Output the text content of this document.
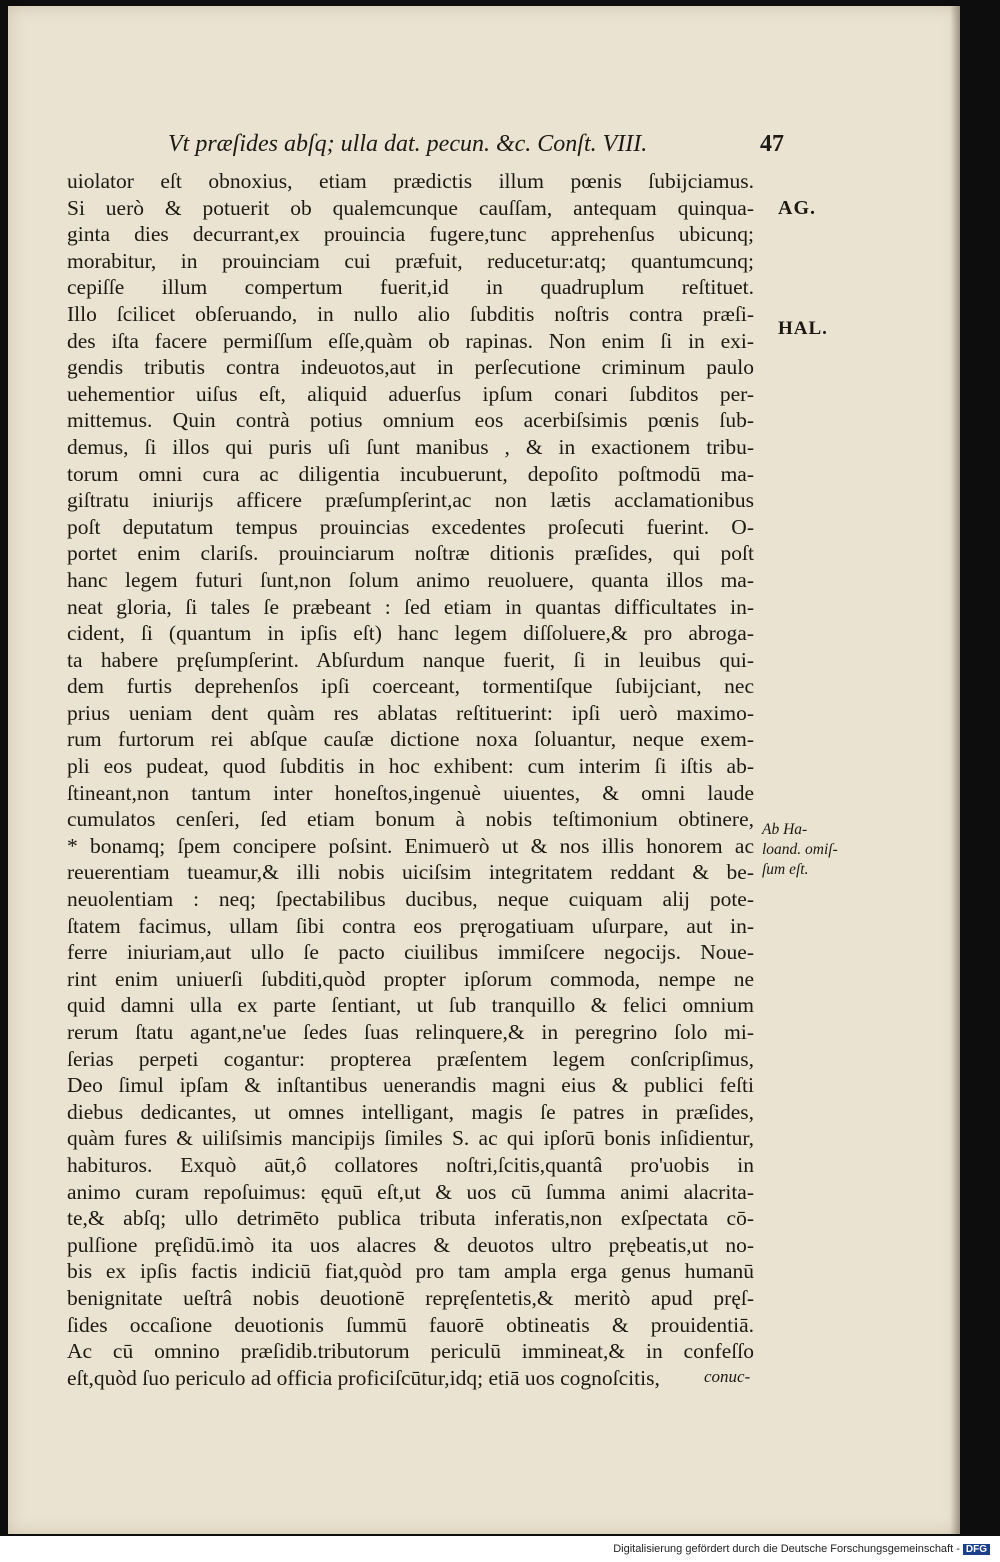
Vt præſides abſq; ulla dat. pecun. &c. Conſt. VIII.	47
uiolator eſt obnoxius, etiam prædictis illum pœnis ſubijciamus.
Si uerò & potuerit ob qualemcunque cauſſam, antequam quinqua-
ginta dies decurrant,ex prouincia fugere,tunc apprehenſus ubicunq;
morabitur, in prouinciam cui præfuit, reducetur:atq; quantumcunq;
cepiſſe illum compertum fuerit,id in quadruplum reſtituet.
Illo ſcilicet obſeruando, in nullo alio ſubditis noſtris contra præſi-
des iſta facere permiſſum eſſe,quàm ob rapinas. Non enim ſi in exi-
gendis tributis contra indeuotos,aut in perſecutione criminum paulo
uehementior uiſus eſt, aliquid aduerſus ipſum conari ſubditos per-
mittemus. Quin contrà potius omnium eos acerbiſsimis pœnis ſub-
demus, ſi illos qui puris uſi ſunt manibus , & in exactionem tribu-
torum omni cura ac diligentia incubuerunt, depoſito poſtmodū ma-
giſtratu iniurijs afficere præſumpſerint,ac non lætis acclamationibus
poſt deputatum tempus prouincias excedentes proſecuti fuerint. O-
portet enim clariſs. prouinciarum noſtræ ditionis præſides, qui poſt
hanc legem futuri ſunt,non ſolum animo reuoluere, quanta illos ma-
neat gloria, ſi tales ſe præbeant : ſed etiam in quantas difficultates in-
cident, ſi (quantum in ipſis eſt) hanc legem diſſoluere,& pro abroga-
ta habere pręſumpſerint. Abſurdum nanque fuerit, ſi in leuibus qui-
dem furtis deprehenſos ipſi coerceant, tormentiſque ſubijciant, nec
prius ueniam dent quàm res ablatas reſtituerint: ipſi uerò maximo-
rum furtorum rei abſque cauſæ dictione noxa ſoluantur, neque exem-
pli eos pudeat, quod ſubditis in hoc exhibent: cum interim ſi iſtis ab-
ſtineant,non tantum inter honeſtos,ingenuè uiuentes, & omni laude
cumulatos cenſeri, ſed etiam bonum à nobis teſtimonium obtinere,
* bonamq; ſpem concipere poſsint. Enimuerò ut & nos illis honorem ac
reuerentiam tueamur,& illi nobis uiciſsim integritatem reddant & be-
neuolentiam : neq; ſpectabilibus ducibus, neque cuiquam alij pote-
ſtatem facimus, ullam ſibi contra eos pręrogatiuam uſurpare, aut in-
ferre iniuriam,aut ullo ſe pacto ciuilibus immiſcere negocijs. Noue-
rint enim uniuerſi ſubditi,quòd propter ipſorum commoda, nempe ne
quid damni ulla ex parte ſentiant, ut ſub tranquillo & felici omnium
rerum ſtatu agant,ne'ue ſedes ſuas relinquere,& in peregrino ſolo mi-
ſerias perpeti cogantur: propterea præſentem legem conſcripſimus,
Deo ſimul ipſam & inſtantibus uenerandis magni eius & publici feſti
diebus dedicantes, ut omnes intelligant, magis ſe patres in præſides,
quàm fures & uiliſsimis mancipijs ſimiles S. ac qui ipſorū bonis inſidientur,
habituros. Exquò aūt,ô collatores noſtri,ſcitis,quantâ pro'uobis in
animo curam repoſuimus: ęquū eſt,ut & uos cū ſumma animi alacrita-
te,& abſq; ullo detrimēto publica tributa inferatis,non exſpectata cō-
pulſione pręſidū.imò ita uos alacres & deuotos ultro prębeatis,ut no-
bis ex ipſis factis indiciū fiat,quòd pro tam ampla erga genus humanū
benignitate ueſtrâ nobis deuotionē repręſentetis,& meritò apud pręſ-
ſides occaſione deuotionis ſummū fauorē obtineatis & prouidentiā.
Ac cū omnino præſidib.tributorum periculū immineat,& in confeſſo
eſt,quòd ſuo periculo ad officia proficiſcūtur,idq; etiā uos cognoſcitis,	conuc-
AG.
HAL.
Ab Ha-
loand. omiſ-
ſum eſt.
Digitalisierung gefördert durch die Deutsche Forschungsgemeinschaft - DFG
